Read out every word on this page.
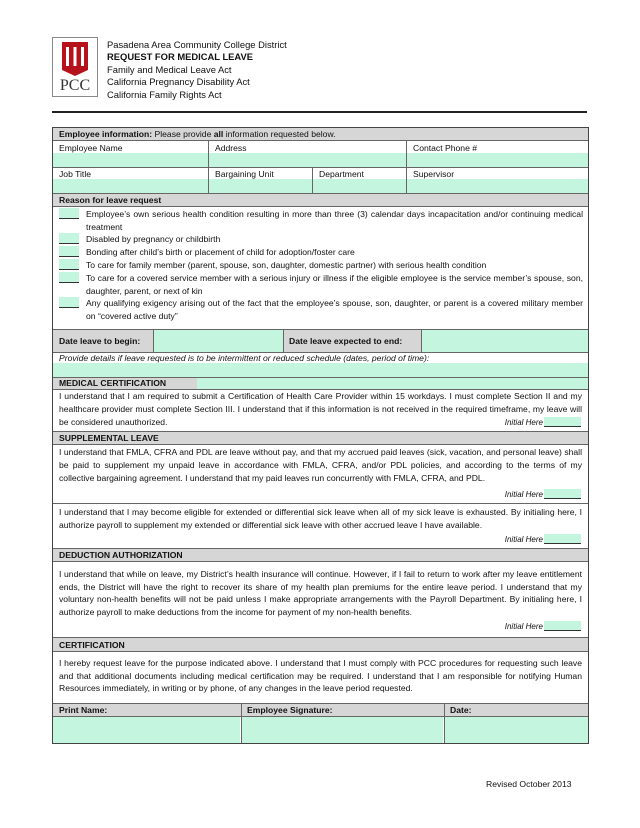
PCC
Pasadena Area Community College District
REQUEST FOR MEDICAL LEAVE
Family and Medical Leave Act
California Pregnancy Disability Act
California Family Rights Act
Employee information: Please provide all information requested below.
Employee Name	Address	Contact Phone #
Job Title	Bargaining Unit	Department	Supervisor
Reason for leave request
Employee’s own serious health condition resulting in more than three (3) calendar days incapacitation and/or continuing medical treatment
Disabled by pregnancy or childbirth
Bonding after child’s birth or placement of child for adoption/foster care
To care for family member (parent, spouse, son, daughter, domestic partner) with serious health condition
To care for a covered service member with a serious injury or illness if the eligible employee is the service member’s spouse, son, daughter, parent, or next of kin
Any qualifying exigency arising out of the fact that the employee’s spouse, son, daughter, or parent is a covered military member on “covered active duty”
Date leave to begin:	Date leave expected to end:
Provide details if leave requested is to be intermittent or reduced schedule (dates, period of time):
MEDICAL CERTIFICATION
I understand that I am required to submit a Certification of Health Care Provider within 15 workdays. I must complete Section II and my healthcare provider must complete Section III. I understand that if this information is not received in the required timeframe, my leave will be considered unauthorized.	Initial Here
SUPPLEMENTAL LEAVE
I understand that FMLA, CFRA and PDL are leave without pay, and that my accrued paid leaves (sick, vacation, and personal leave) shall be paid to supplement my unpaid leave in accordance with FMLA, CFRA, and/or PDL policies, and according to the terms of my collective bargaining agreement. I understand that my paid leaves run concurrently with FMLA, CFRA, and PDL.
Initial Here
I understand that I may become eligible for extended or differential sick leave when all of my sick leave is exhausted. By initialing here, I authorize payroll to supplement my extended or differential sick leave with other accrued leave I have available.
Initial Here
DEDUCTION AUTHORIZATION
I understand that while on leave, my District’s health insurance will continue. However, if I fail to return to work after my leave entitlement ends, the District will have the right to recover its share of my health plan premiums for the entire leave period. I understand that my voluntary non-health benefits will not be paid unless I make appropriate arrangements with the Payroll Department. By initialing here, I authorize payroll to make deductions from the income for payment of my non-health benefits.
Initial Here
CERTIFICATION
I hereby request leave for the purpose indicated above. I understand that I must comply with PCC procedures for requesting such leave and that additional documents including medical certification may be required. I understand that I am responsible for notifying Human Resources immediately, in writing or by phone, of any changes in the leave period requested.
Print Name:	Employee Signature:	Date:
Revised October 2013
